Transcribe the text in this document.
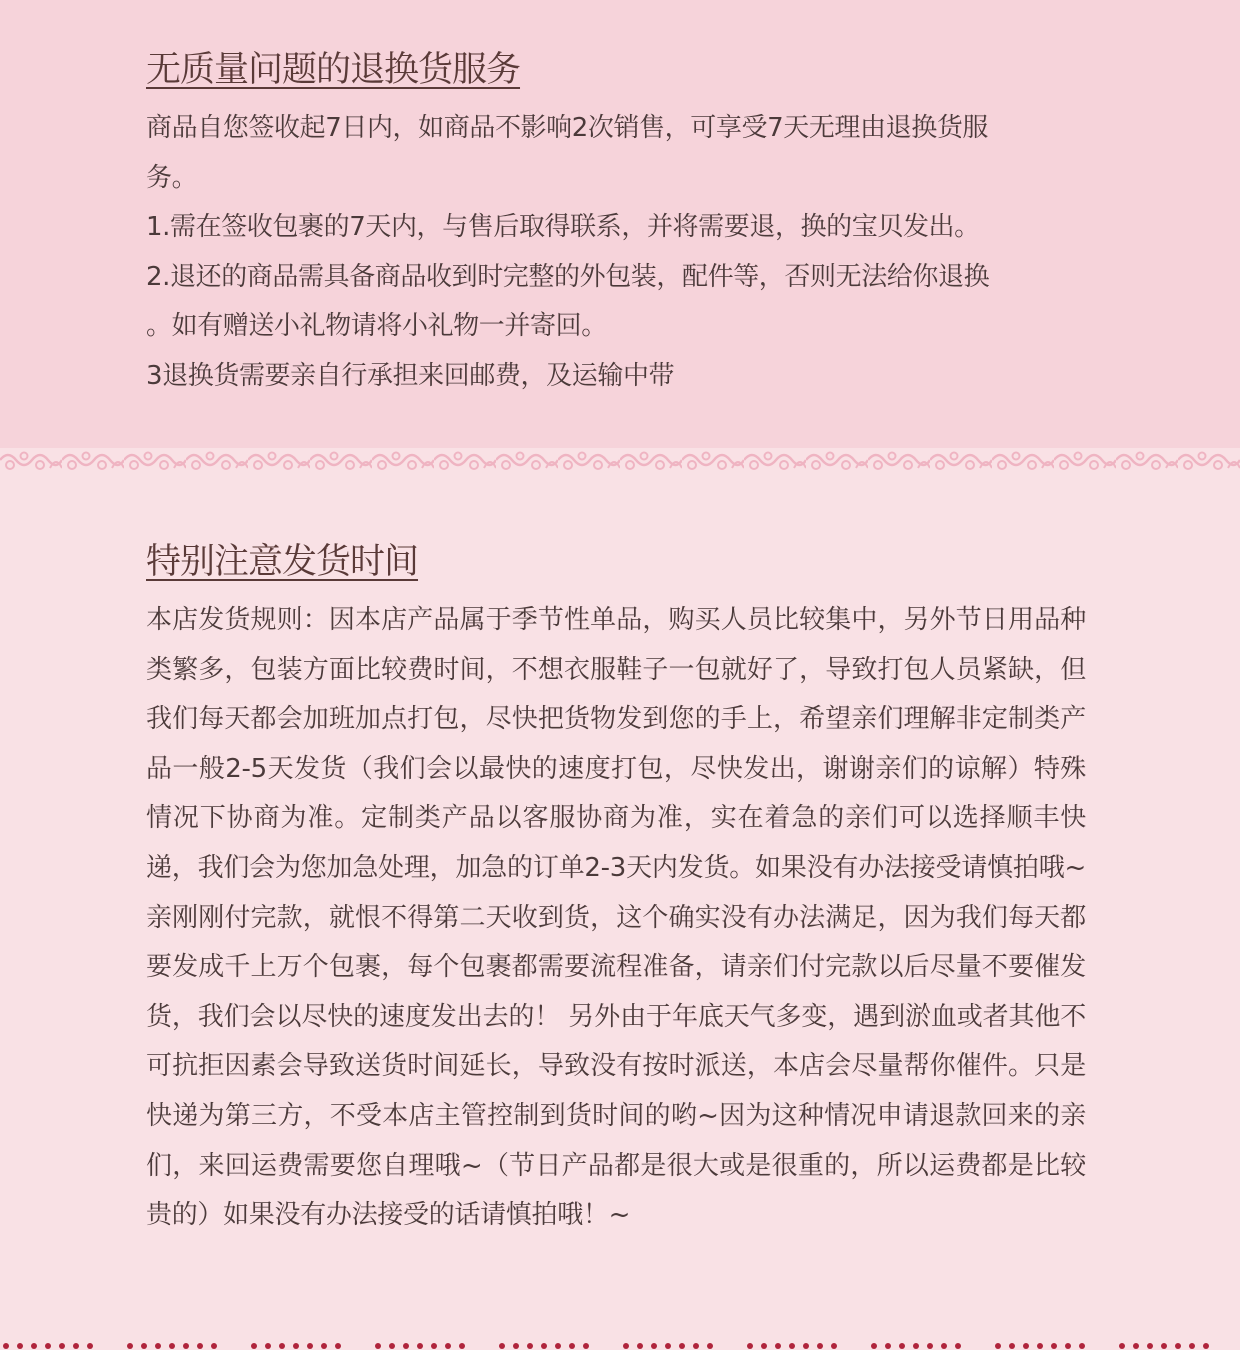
无质量问题的退换货服务
商品自您签收起7日内，如商品不影响2次销售，可享受7天无理由退换货服
务。
1.需在签收包裹的7天内，与售后取得联系，并将需要退，换的宝贝发出。
2.退还的商品需具备商品收到时完整的外包装，配件等，否则无法给你退换
。如有赠送小礼物请将小礼物一并寄回。
3退换货需要亲自行承担来回邮费，及运输中带
特别注意发货时间

本店发货规则：因本店产品属于季节性单品，购买人员比较集中，另外节日用品种类繁多，包装方面比较费时间，不想衣服鞋子一包就好了，导致打包人员紧缺，但我们每天都会加班加点打包，尽快把货物发到您的手上，希望亲们理解非定制类产品一般2-5天发货（我们会以最快的速度打包，尽快发出，谢谢亲们的谅解）特殊情况下协商为准。定制类产品以客服协商为准，实在着急的亲们可以选择顺丰快递，我们会为您加急处理，加急的订单2-3天内发货。如果没有办法接受请慎拍哦~亲刚刚付完款，就恨不得第二天收到货，这个确实没有办法满足，因为我们每天都要发成千上万个包裹，每个包裹都需要流程准备，请亲们付完款以后尽量不要催发货，我们会以尽快的速度发出去的！ 另外由于年底天气多变，遇到淤血或者其他不可抗拒因素会导致送货时间延长，导致没有按时派送，本店会尽量帮你催件。只是快递为第三方，不受本店主管控制到货时间的哟~因为这种情况申请退款回来的亲们，来回运费需要您自理哦~（节日产品都是很大或是很重的，所以运费都是比较贵的）如果没有办法接受的话请慎拍哦！~
